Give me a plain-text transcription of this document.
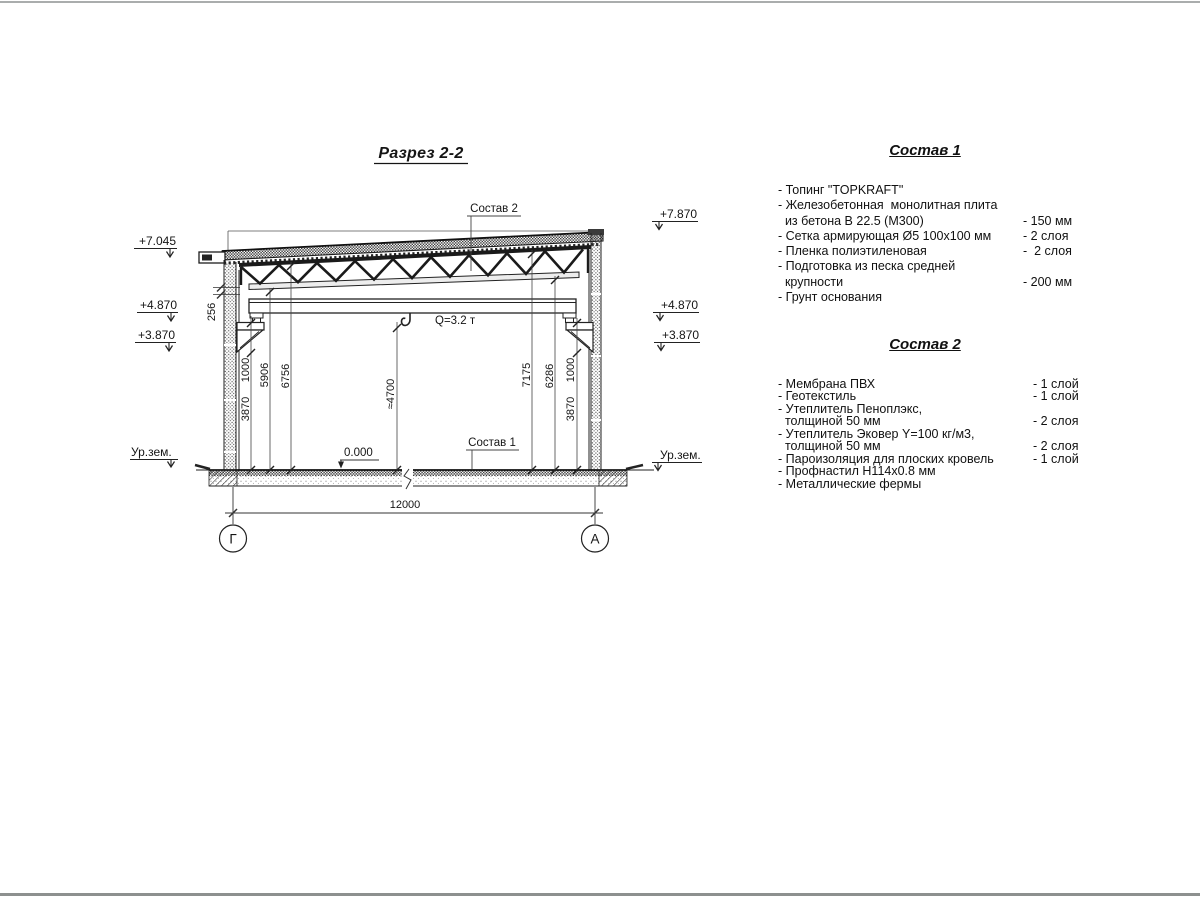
Разрез 2-2
Q=3.2 т
Состав 2
256
Состав 1
0.000
1000
3870
5906 6756
≈4700
7175 6286 1000
3870
12000
Г	А
+7.045
+4.870
+3.870
Ур.зем.
+7.870
+4.870
+3.870
Ур.зем.
Состав 1
- Топинг "TOPKRAFT"
- Железобетонная  монолитная плита
из бетона В 22.5 (М300)	- 150 мм
- Сетка армирующая Ø5 100х100 мм	- 2 слоя
- Пленка полиэтиленовая	-  2 слоя
- Подготовка из песка средней
крупности	- 200 мм
- Грунт основания
Состав 2
- Мембрана ПВХ	- 1 слой
- Геотекстиль	- 1 слой
- Утеплитель Пеноплэкс,
толщиной 50 мм	- 2 слоя
- Утеплитель Эковер Y=100 кг/м3,
толщиной 50 мм	- 2 слоя
- Пароизоляция для плоских кровель	- 1 слой
- Профнастил Н114х0.8 мм
- Металлические фермы
